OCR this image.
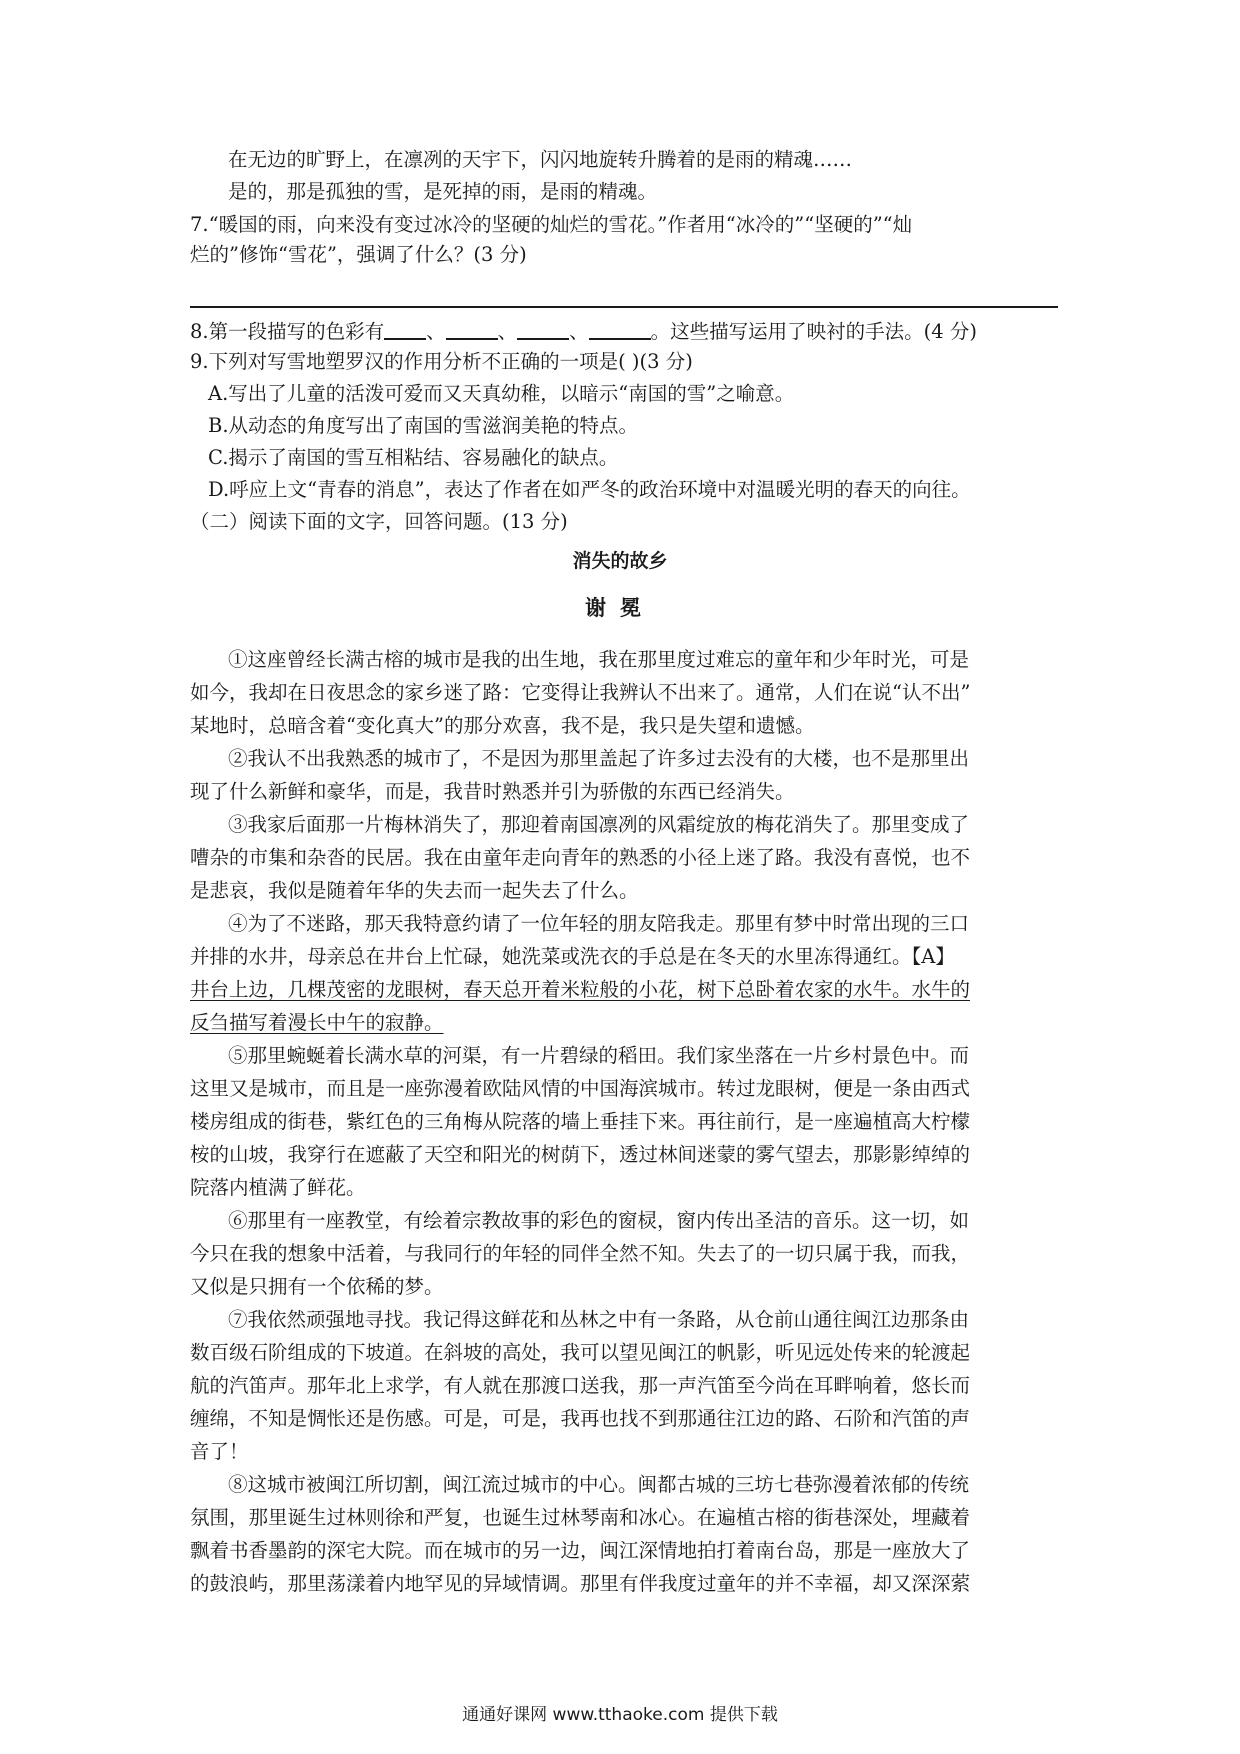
在无边的旷野上，在凛冽的天宇下，闪闪地旋转升腾着的是雨的精魂……
是的，那是孤独的雪，是死掉的雨，是雨的精魂。
7.“暖国的雨，向来没有变过冰冷的坚硬的灿烂的雪花。”作者用“冰冷的”“坚硬的”“灿
烂的”修饰“雪花”，强调了什么？(3 分)
8.第一段描写的色彩有 、	、	、	。这些描写运用了映衬的手法。(4 分)
9.下列对写雪地塑罗汉的作用分析不正确的一项是( )(3 分)
A.写出了儿童的活泼可爱而又天真幼稚，以暗示“南国的雪”之喻意。
B.从动态的角度写出了南国的雪滋润美艳的特点。
C.揭示了南国的雪互相粘结、容易融化的缺点。
D.呼应上文“青春的消息”，表达了作者在如严冬的政治环境中对温暖光明的春天的向往。
（二）阅读下面的文字，回答问题。(13 分)
消失的故乡
谢冕
①这座曾经长满古榕的城市是我的出生地，我在那里度过难忘的童年和少年时光，可是
如今，我却在日夜思念的家乡迷了路：它变得让我辨认不出来了。通常，人们在说“认不出”
某地时，总暗含着“变化真大”的那分欢喜，我不是，我只是失望和遗憾。
②我认不出我熟悉的城市了，不是因为那里盖起了许多过去没有的大楼，也不是那里出
现了什么新鲜和豪华，而是，我昔时熟悉并引为骄傲的东西已经消失。
③我家后面那一片梅林消失了，那迎着南国凛冽的风霜绽放的梅花消失了。那里变成了
嘈杂的市集和杂沓的民居。我在由童年走向青年的熟悉的小径上迷了路。我没有喜悦，也不
是悲哀，我似是随着年华的失去而一起失去了什么。
④为了不迷路，那天我特意约请了一位年轻的朋友陪我走。那里有梦中时常出现的三口
并排的水井，母亲总在井台上忙碌，她洗菜或洗衣的手总是在冬天的水里冻得通红。【A】
井台上边，几棵茂密的龙眼树，春天总开着米粒般的小花，树下总卧着农家的水牛。水牛的
反刍描写着漫长中午的寂静。
⑤那里蜿蜒着长满水草的河渠，有一片碧绿的稻田。我们家坐落在一片乡村景色中。而
这里又是城市，而且是一座弥漫着欧陆风情的中国海滨城市。转过龙眼树，便是一条由西式
楼房组成的街巷，紫红色的三角梅从院落的墙上垂挂下来。再往前行，是一座遍植高大柠檬
桉的山坡，我穿行在遮蔽了天空和阳光的树荫下，透过林间迷蒙的雾气望去，那影影绰绰的
院落内植满了鲜花。
⑥那里有一座教堂，有绘着宗教故事的彩色的窗棂，窗内传出圣洁的音乐。这一切，如
今只在我的想象中活着，与我同行的年轻的同伴全然不知。失去了的一切只属于我，而我，
又似是只拥有一个依稀的梦。
⑦我依然顽强地寻找。我记得这鲜花和丛林之中有一条路，从仓前山通往闽江边那条由
数百级石阶组成的下坡道。在斜坡的高处，我可以望见闽江的帆影，听见远处传来的轮渡起
航的汽笛声。那年北上求学，有人就在那渡口送我，那一声汽笛至今尚在耳畔响着，悠长而
缠绵，不知是惆怅还是伤感。可是，可是，我再也找不到那通往江边的路、石阶和汽笛的声
音了！
⑧这城市被闽江所切割，闽江流过城市的中心。闽都古城的三坊七巷弥漫着浓郁的传统
氛围，那里诞生过林则徐和严复，也诞生过林琴南和冰心。在遍植古榕的街巷深处，埋藏着
飘着书香墨韵的深宅大院。而在城市的另一边，闽江深情地拍打着南台岛，那是一座放大了
的鼓浪屿，那里荡漾着内地罕见的异域情调。那里有伴我度过童年的并不幸福，却又深深萦
通通好课网 www.tthaoke.com 提供下载
